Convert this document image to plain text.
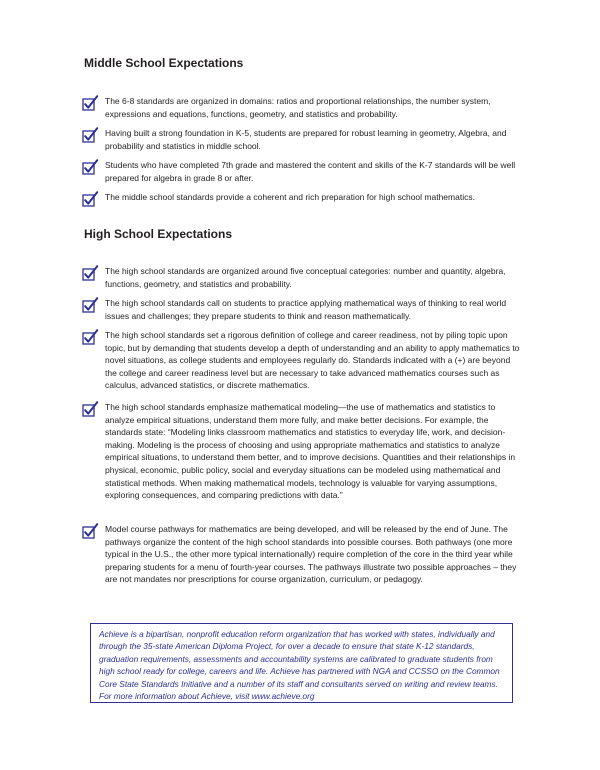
Middle School Expectations

The 6-8 standards are organized in domains: ratios and proportional relationships, the number system, expressions and equations, functions, geometry, and statistics and probability.

Having built a strong foundation in K-5, students are prepared for robust learning in geometry, Algebra, and probability and statistics in middle school.

Students who have completed 7th grade and mastered the content and skills of the K-7 standards will be well prepared for algebra in grade 8 or after.

The middle school standards provide a coherent and rich preparation for high school mathematics.

High School Expectations

The high school standards are organized around five conceptual categories: number and quantity, algebra, functions, geometry, and statistics and probability.

The high school standards call on students to practice applying mathematical ways of thinking to real world issues and challenges; they prepare students to think and reason mathematically.

The high school standards set a rigorous definition of college and career readiness, not by piling topic upon topic, but by demanding that students develop a depth of understanding and an ability to apply mathematics to novel situations, as college students and employees regularly do. Standards indicated with a (+) are beyond the college and career readiness level but are necessary to take advanced mathematics courses such as calculus, advanced statistics, or discrete mathematics.

The high school standards emphasize mathematical modeling—the use of mathematics and statistics to analyze empirical situations, understand them more fully, and make better decisions. For example, the standards state: “Modeling links classroom mathematics and statistics to everyday life, work, and decision-making. Modeling is the process of choosing and using appropriate mathematics and statistics to analyze empirical situations, to understand them better, and to improve decisions. Quantities and their relationships in physical, economic, public policy, social and everyday situations can be modeled using mathematical and statistical methods. When making mathematical models, technology is valuable for varying assumptions, exploring consequences, and comparing predictions with data.”

Model course pathways for mathematics are being developed, and will be released by the end of June. The pathways organize the content of the high school standards into possible courses. Both pathways (one more typical in the U.S., the other more typical internationally) require completion of the core in the third year while preparing students for a menu of fourth-year courses. The pathways illustrate two possible approaches – they are not mandates nor prescriptions for course organization, curriculum, or pedagogy.

Achieve is a bipartisan, nonprofit education reform organization that has worked with states, individually and through the 35-state American Diploma Project, for over a decade to ensure that state K-12 standards, graduation requirements, assessments and accountability systems are calibrated to graduate students from high school ready for college, careers and life. Achieve has partnered with NGA and CCSSO on the Common Core State Standards Initiative and a number of its staff and consultants served on writing and review teams. For more information about Achieve, visit www.achieve.org
